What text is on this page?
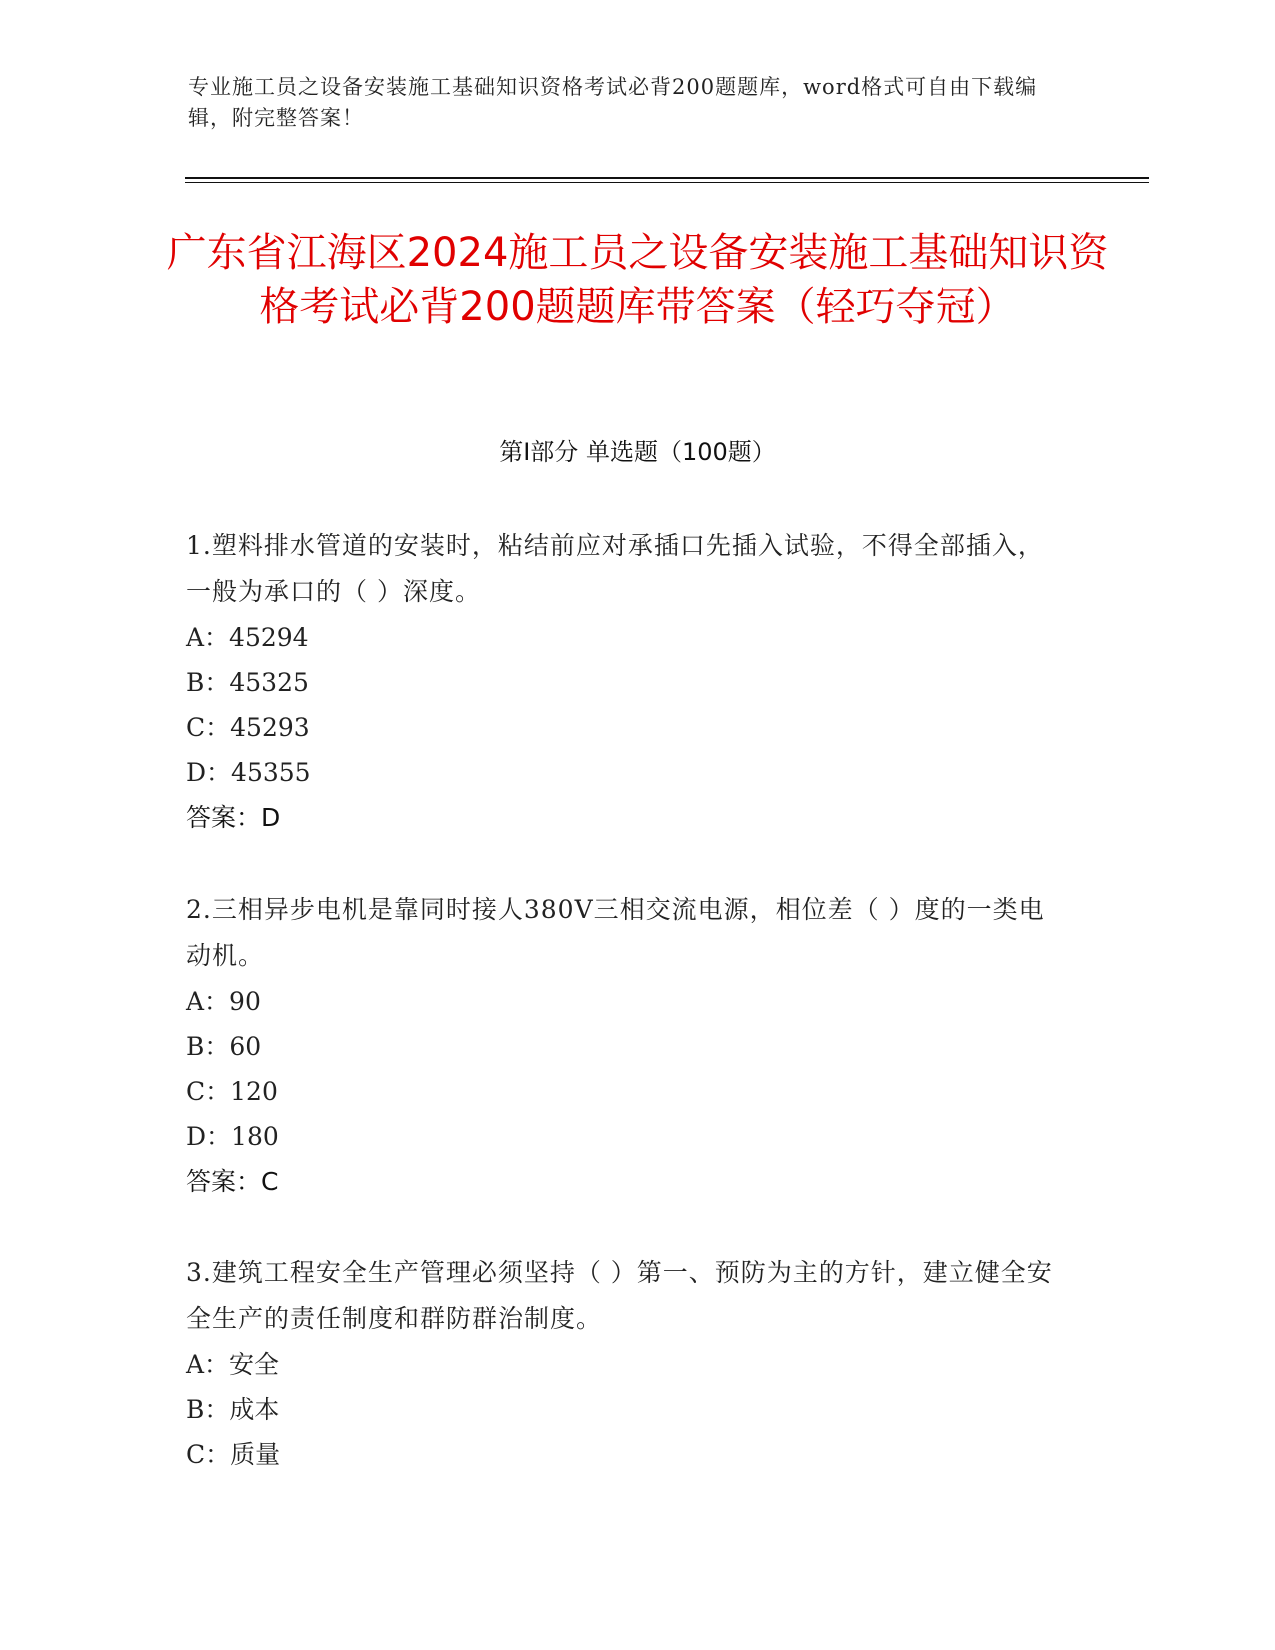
专业施工员之设备安装施工基础知识资格考试必背200题题库，word格式可自由下载编辑，附完整答案！
广东省江海区2024施工员之设备安装施工基础知识资格考试必背200题题库带答案（轻巧夺冠）
第I部分 单选题（100题）

1.塑料排水管道的安装时，粘结前应对承插口先插入试验，不得全部插入，一般为承口的（ ）深度。

A：45294

B：45325

C：45293

D：45355

答案：D

2.三相异步电机是靠同时接人380V三相交流电源，相位差（ ）度的一类电动机。

A：90

B：60

C：120

D：180

答案：C

3.建筑工程安全生产管理必须坚持（ ）第一、预防为主的方针，建立健全安全生产的责任制度和群防群治制度。

A：安全

B：成本

C：质量
